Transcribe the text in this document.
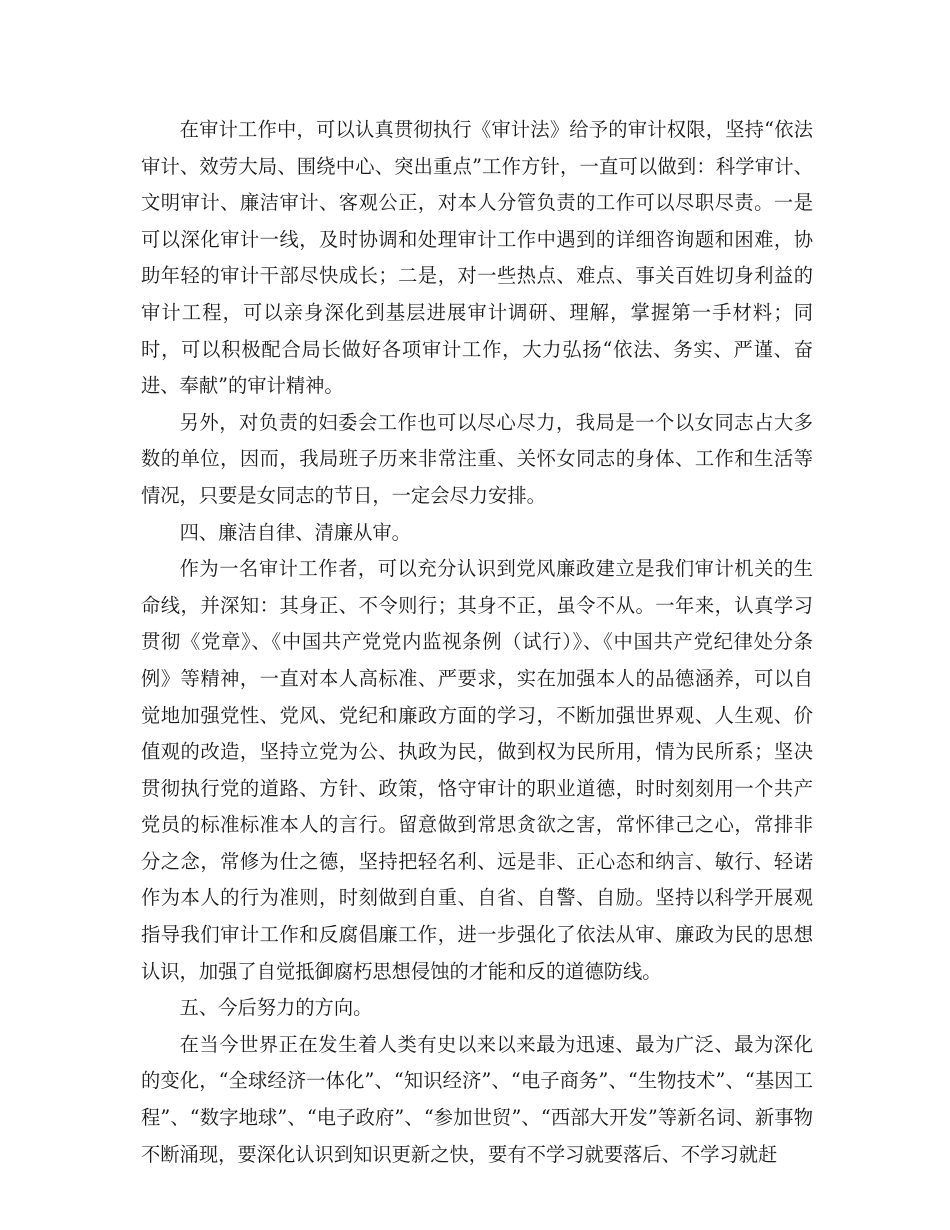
在审计工作中，可以认真贯彻执行《审计法》给予的审计权限，坚持“依法审计、效劳大局、围绕中心、突出重点”工作方针，一直可以做到：科学审计、文明审计、廉洁审计、客观公正，对本人分管负责的工作可以尽职尽责。一是可以深化审计一线，及时协调和处理审计工作中遇到的详细咨询题和困难，协助年轻的审计干部尽快成长；二是，对一些热点、难点、事关百姓切身利益的审计工程，可以亲身深化到基层进展审计调研、理解，掌握第一手材料；同时，可以积极配合局长做好各项审计工作，大力弘扬“依法、务实、严谨、奋进、奉献”的审计精神。

另外，对负责的妇委会工作也可以尽心尽力，我局是一个以女同志占大多数的单位，因而，我局班子历来非常注重、关怀女同志的身体、工作和生活等情况，只要是女同志的节日，一定会尽力安排。

四、廉洁自律、清廉从审。

作为一名审计工作者，可以充分认识到党风廉政建立是我们审计机关的生命线，并深知：其身正、不令则行；其身不正，虽令不从。一年来，认真学习贯彻《党章》、《中国共产党党内监视条例（试行）》、《中国共产党纪律处分条例》等精神，一直对本人高标准、严要求，实在加强本人的品德涵养，可以自觉地加强党性、党风、党纪和廉政方面的学习，不断加强世界观、人生观、价值观的改造，坚持立党为公、执政为民，做到权为民所用，情为民所系；坚决贯彻执行党的道路、方针、政策，恪守审计的职业道德，时时刻刻用一个共产党员的标准标准本人的言行。留意做到常思贪欲之害，常怀律己之心，常排非分之念，常修为仕之德，坚持把轻名利、远是非、正心态和纳言、敏行、轻诺作为本人的行为准则，时刻做到自重、自省、自警、自励。坚持以科学开展观指导我们审计工作和反腐倡廉工作，进一步强化了依法从审、廉政为民的思想认识，加强了自觉抵御腐朽思想侵蚀的才能和反的道德防线。

五、今后努力的方向。

在当今世界正在发生着人类有史以来以来最为迅速、最为广泛、最为深化的变化，“全球经济一体化”、“知识经济”、“电子商务”、“生物技术”、“基因工程”、“数字地球”、“电子政府”、“参加世贸”、“西部大开发”等新名词、新事物不断涌现，要深化认识到知识更新之快，要有不学习就要落后、不学习就赶
